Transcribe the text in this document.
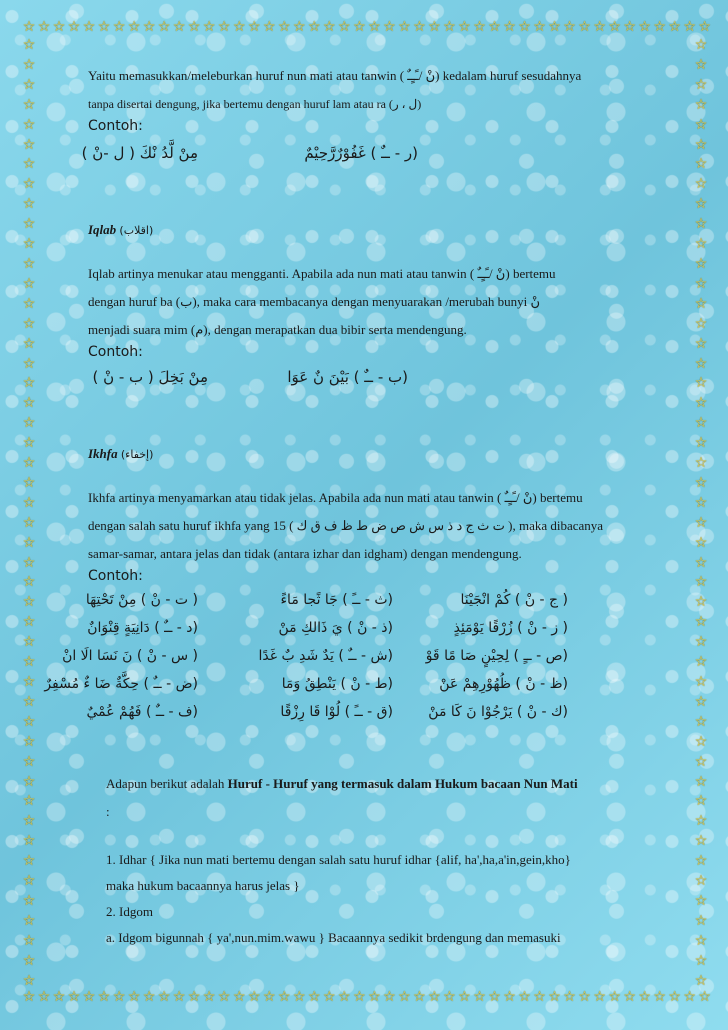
☆ ☆ ☆ ☆ ☆ ☆ ☆ ☆ ☆ ☆ ☆ ☆ ☆ ☆ ☆ ☆ ☆ ☆ ☆ ☆ ☆ ☆ ☆ ☆ ☆ ☆ ☆ ☆ ☆ ☆ ☆ ☆ ☆ ☆ ☆ ☆ ☆ ☆ ☆ ☆ ☆ ☆ ☆ ☆ ☆ ☆
☆ ☆ ☆ ☆ ☆ ☆ ☆ ☆ ☆ ☆ ☆ ☆ ☆ ☆ ☆ ☆ ☆ ☆ ☆ ☆ ☆ ☆ ☆ ☆ ☆ ☆ ☆ ☆ ☆ ☆ ☆ ☆ ☆ ☆ ☆ ☆ ☆ ☆ ☆ ☆ ☆ ☆ ☆ ☆ ☆ ☆
☆
☆
☆
☆
☆
☆
☆
☆
☆
☆
☆
☆
☆
☆
☆
☆
☆
☆
☆
☆
☆
☆
☆
☆
☆
☆
☆
☆
☆
☆
☆
☆
☆
☆
☆
☆
☆
☆
☆
☆
☆
☆
☆
☆
☆
☆
☆
☆
☆
☆
☆
☆
☆
☆
☆
☆
☆
☆
☆
☆
☆
☆
☆
☆
☆
☆
☆
☆
☆
☆
☆
☆
☆
☆
☆
☆
☆
☆
☆
☆
☆
☆
☆
☆
☆
☆
☆
☆
☆
☆
☆
☆
☆
☆
☆
☆
Yaitu memasukkan/meleburkan huruf nun mati atau tanwin ( نْ /ـًـٍـٌ) kedalam huruf sesudahnya
tanpa disertai dengung, jika bertemu dengan huruf lam atau ra (ل ، ر)
Contoh:
مِنْ لَّدُ نْكَ ( ل -نْ )	(ر - ــٌ ) غَفُوْرٌرَّحِيْمٌ
Iqlab (اقلاب)
Iqlab artinya menukar atau mengganti. Apabila ada nun mati atau tanwin ( نْ /ـًـٍـٌ) bertemu
dengan huruf ba (ب), maka cara membacanya dengan menyuarakan /merubah bunyi نْ
menjadi suara mim (م), dengan merapatkan dua bibir serta mendengung.
Contoh:
مِنْ بَخِلَ ( ب - نْ )	(ب - ــٌ ) بَيْنَ نٌ عَوَا
Ikhfa (إخفاء)
Ikhfa artinya menyamarkan atau tidak jelas. Apabila ada nun mati atau tanwin ( نْ /ـًـٍـٌ) bertemu
dengan salah satu huruf ikhfa yang 15 ( ت ث ج د ذ س ش ص ض ط ظ ف ق ك ), maka dibacanya
samar-samar, antara jelas dan tidak (antara izhar dan idgham) dengan mendengung.
Contoh:
( ت - نْ ) مِنْ تَحْتِهَا	(ث - ــً ) جَا ثًجا مَاءً	( ج - نْ ) كُمْ انْجَيْنَا
(د - ــٌ ) دَانِيَةٍ قِنْوَانٌ	(ذ - نْ ) يَ ذَالكِ مَنْ	( ز - نْ ) زُرْقًا يَوْمَئِذٍ
( س - نْ ) نَ نَسَا الَا انْ	(ش - ــٌ ) يَدٌ شَدِ بٌ غَدًا (ص - ــٍ ) لِحِيْنٍ صَا مًا قَوْ
(ض - ــٌ ) حِكَّةٌ ضَا ءٌ مُسْفِرٌ	(ط - نْ ) يَنْطِقُ وَمَا	(ظ - نْ ) ظُهُوْرِهِمْ عَنْ
(ف - ــٌ ) فَهُمْ عُمْيٌ	(ق - ــً ) لُوْا قَا رِزْقًا	(ك - نْ ) يَرْجُوْا نَ كَا مَنْ
Adapun berikut adalah Huruf - Huruf yang termasuk dalam Hukum bacaan Nun Mati
:
1. Idhar { Jika nun mati bertemu dengan salah satu huruf idhar {alif, ha',ha,a'in,gein,kho}
maka hukum bacaannya harus jelas }
2. Idgom
a. Idgom bigunnah { ya',nun.mim.wawu } Bacaannya sedikit brdengung dan memasuki
